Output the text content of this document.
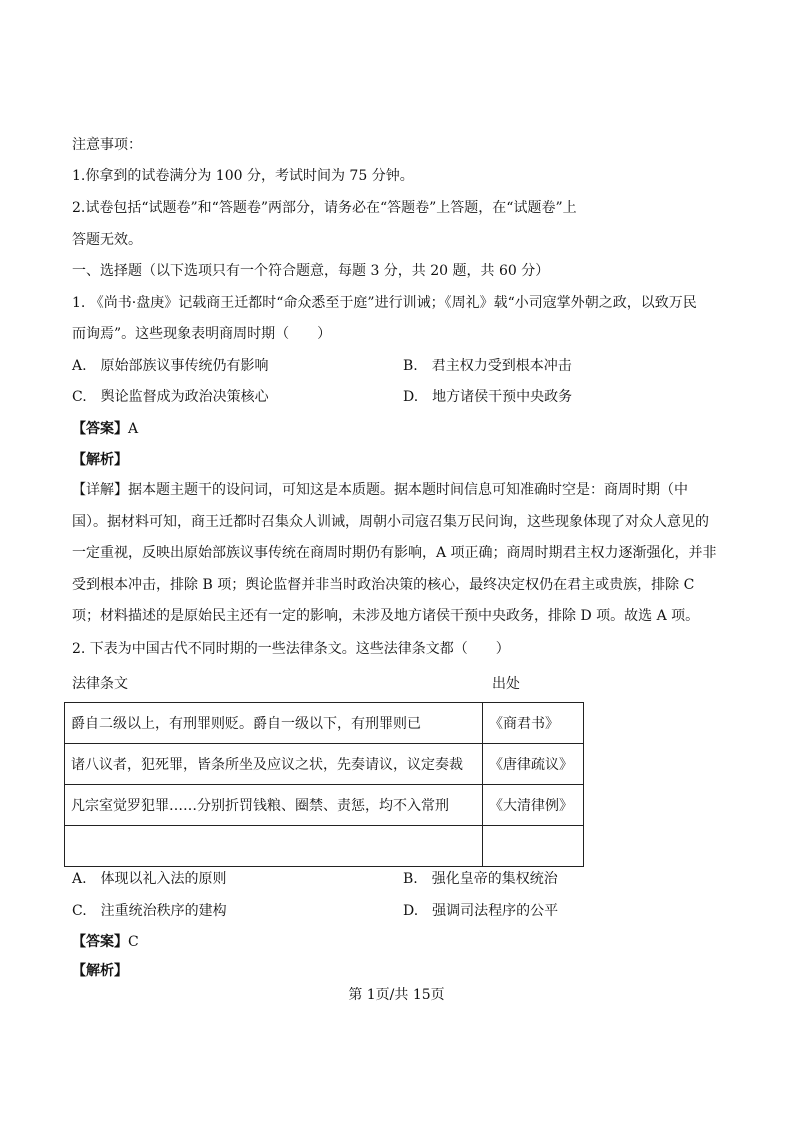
注意事项：
1.你拿到的试卷满分为 100 分，考试时间为 75 分钟。
2.试卷包括“试题卷”和“答题卷”两部分，请务必在“答题卷”上答题，在“试题卷”上
答题无效。
一、选择题（以下选项只有一个符合题意，每题 3 分，共 20 题，共 60 分）
1. 《尚书·盘庚》记载商王迁都时“命众悉至于庭”进行训诫；《周礼》载“小司寇掌外朝之政，以致万民
而询焉”。这些现象表明商周时期（　　）
A.　原始部族议事传统仍有影响	B.　君主权力受到根本冲击
C.　舆论监督成为政治决策核心	D.　地方诸侯干预中央政务
【答案】A
【解析】
【详解】据本题主题干的设问词，可知这是本质题。据本题时间信息可知准确时空是：商周时期（中国）。据材料可知，商王迁都时召集众人训诫，周朝小司寇召集万民问询，这些现象体现了对众人意见的一定重视，反映出原始部族议事传统在商周时期仍有影响，A 项正确；商周时期君主权力逐渐强化，并非受到根本冲击，排除 B 项；舆论监督并非当时政治决策的核心，最终决定权仍在君主或贵族，排除 C 项；材料描述的是原始民主还有一定的影响，未涉及地方诸侯干预中央政务，排除 D 项。故选 A 项。
2. 下表为中国古代不同时期的一些法律条文。这些法律条文都（　　）
法律条文	出处
爵自二级以上，有刑罪则贬。爵自一级以下，有刑罪则已	《商君书》
诸八议者，犯死罪，皆条所坐及应议之状，先奏请议，议定奏裁	《唐律疏议》
凡宗室觉罗犯罪……分别折罚钱粮、圈禁、责惩，均不入常刑	《大清律例》

A.　体现以礼入法的原则	B.　强化皇帝的集权统治
C.　注重统治秩序的建构	D.　强调司法程序的公平
【答案】C
【解析】
第 1页/共 15页
